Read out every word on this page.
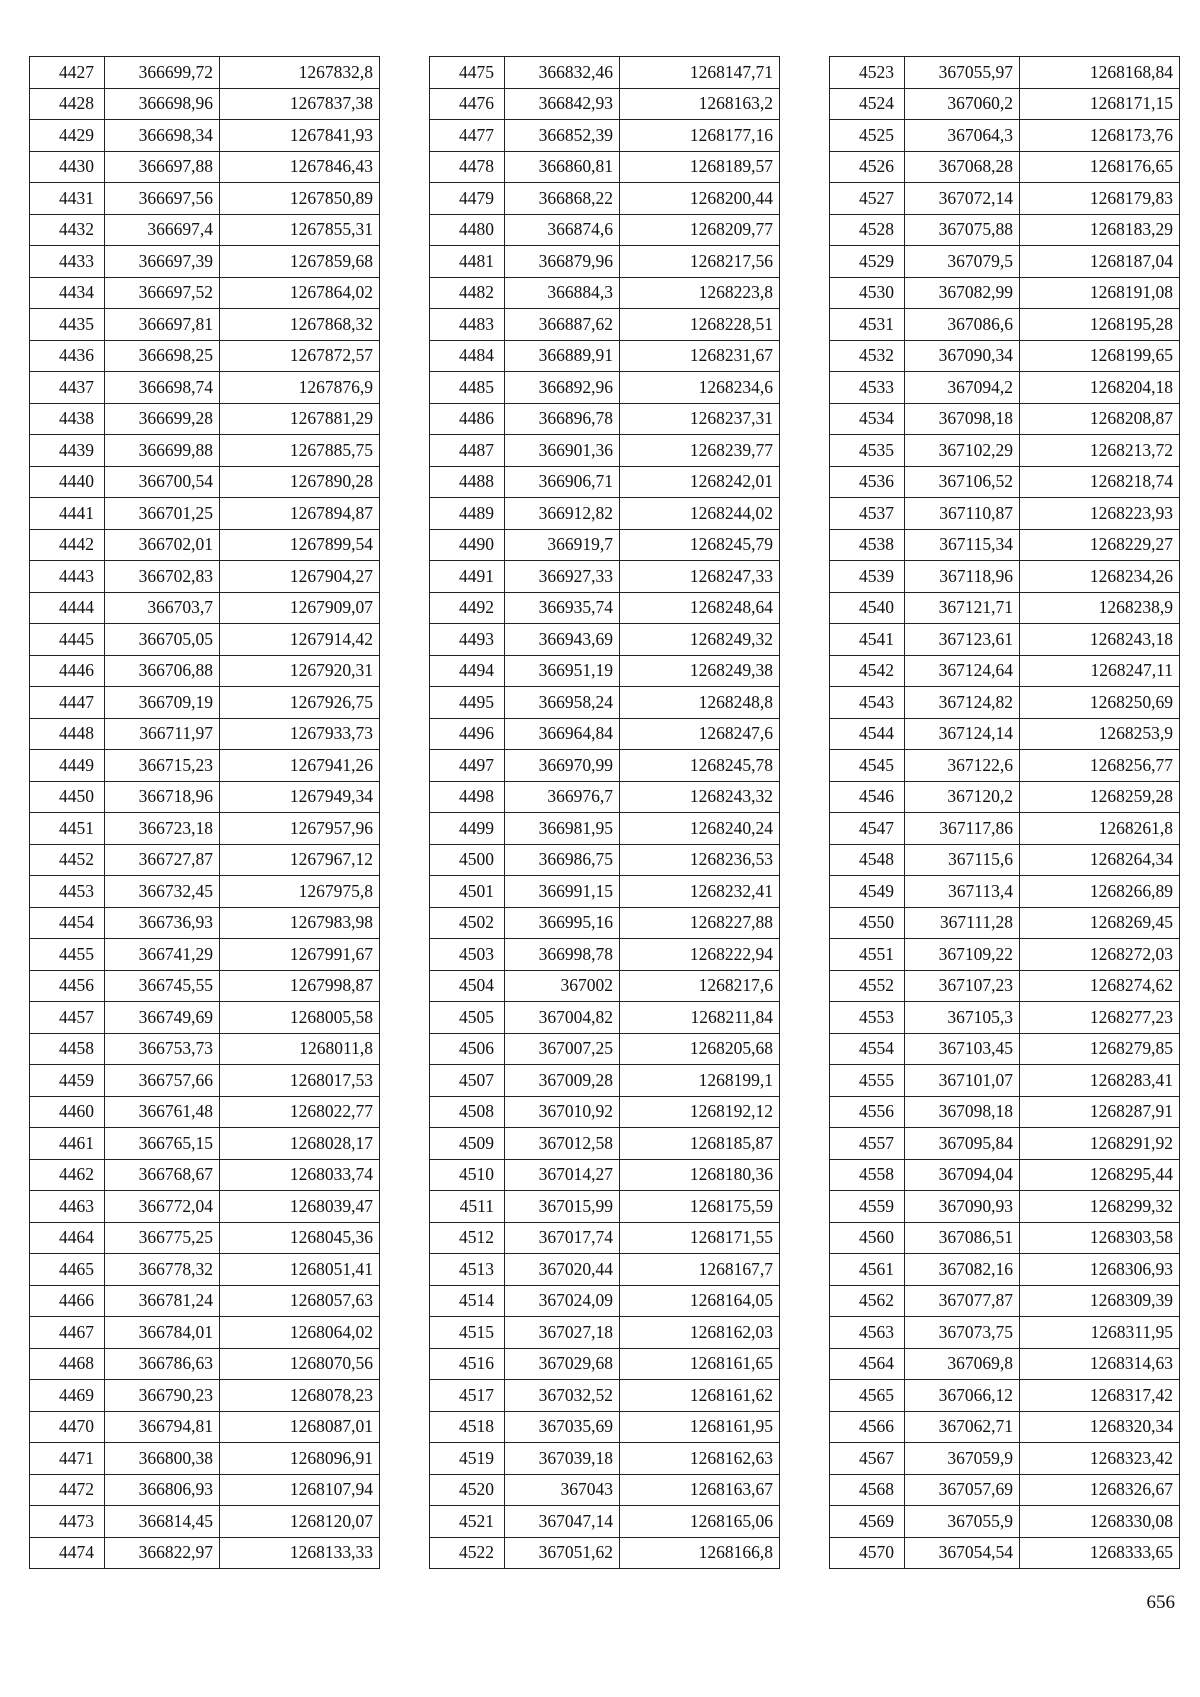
4427	366699,72	1267832,8
4428	366698,96	1267837,38
4429	366698,34	1267841,93
4430	366697,88	1267846,43
4431	366697,56	1267850,89
4432	366697,4	1267855,31
4433	366697,39	1267859,68
4434	366697,52	1267864,02
4435	366697,81	1267868,32
4436	366698,25	1267872,57
4437	366698,74	1267876,9
4438	366699,28	1267881,29
4439	366699,88	1267885,75
4440	366700,54	1267890,28
4441	366701,25	1267894,87
4442	366702,01	1267899,54
4443	366702,83	1267904,27
4444	366703,7	1267909,07
4445	366705,05	1267914,42
4446	366706,88	1267920,31
4447	366709,19	1267926,75
4448	366711,97	1267933,73
4449	366715,23	1267941,26
4450	366718,96	1267949,34
4451	366723,18	1267957,96
4452	366727,87	1267967,12
4453	366732,45	1267975,8
4454	366736,93	1267983,98
4455	366741,29	1267991,67
4456	366745,55	1267998,87
4457	366749,69	1268005,58
4458	366753,73	1268011,8
4459	366757,66	1268017,53
4460	366761,48	1268022,77
4461	366765,15	1268028,17
4462	366768,67	1268033,74
4463	366772,04	1268039,47
4464	366775,25	1268045,36
4465	366778,32	1268051,41
4466	366781,24	1268057,63
4467	366784,01	1268064,02
4468	366786,63	1268070,56
4469	366790,23	1268078,23
4470	366794,81	1268087,01
4471	366800,38	1268096,91
4472	366806,93	1268107,94
4473	366814,45	1268120,07
4474	366822,97	1268133,33
4475	366832,46	1268147,71
4476	366842,93	1268163,2
4477	366852,39	1268177,16
4478	366860,81	1268189,57
4479	366868,22	1268200,44
4480	366874,6	1268209,77
4481	366879,96	1268217,56
4482	366884,3	1268223,8
4483	366887,62	1268228,51
4484	366889,91	1268231,67
4485	366892,96	1268234,6
4486	366896,78	1268237,31
4487	366901,36	1268239,77
4488	366906,71	1268242,01
4489	366912,82	1268244,02
4490	366919,7	1268245,79
4491	366927,33	1268247,33
4492	366935,74	1268248,64
4493	366943,69	1268249,32
4494	366951,19	1268249,38
4495	366958,24	1268248,8
4496	366964,84	1268247,6
4497	366970,99	1268245,78
4498	366976,7	1268243,32
4499	366981,95	1268240,24
4500	366986,75	1268236,53
4501	366991,15	1268232,41
4502	366995,16	1268227,88
4503	366998,78	1268222,94
4504	367002	1268217,6
4505	367004,82	1268211,84
4506	367007,25	1268205,68
4507	367009,28	1268199,1
4508	367010,92	1268192,12
4509	367012,58	1268185,87
4510	367014,27	1268180,36
4511	367015,99	1268175,59
4512	367017,74	1268171,55
4513	367020,44	1268167,7
4514	367024,09	1268164,05
4515	367027,18	1268162,03
4516	367029,68	1268161,65
4517	367032,52	1268161,62
4518	367035,69	1268161,95
4519	367039,18	1268162,63
4520	367043	1268163,67
4521	367047,14	1268165,06
4522	367051,62	1268166,8
4523	367055,97	1268168,84
4524	367060,2	1268171,15
4525	367064,3	1268173,76
4526	367068,28	1268176,65
4527	367072,14	1268179,83
4528	367075,88	1268183,29
4529	367079,5	1268187,04
4530	367082,99	1268191,08
4531	367086,6	1268195,28
4532	367090,34	1268199,65
4533	367094,2	1268204,18
4534	367098,18	1268208,87
4535	367102,29	1268213,72
4536	367106,52	1268218,74
4537	367110,87	1268223,93
4538	367115,34	1268229,27
4539	367118,96	1268234,26
4540	367121,71	1268238,9
4541	367123,61	1268243,18
4542	367124,64	1268247,11
4543	367124,82	1268250,69
4544	367124,14	1268253,9
4545	367122,6	1268256,77
4546	367120,2	1268259,28
4547	367117,86	1268261,8
4548	367115,6	1268264,34
4549	367113,4	1268266,89
4550	367111,28	1268269,45
4551	367109,22	1268272,03
4552	367107,23	1268274,62
4553	367105,3	1268277,23
4554	367103,45	1268279,85
4555	367101,07	1268283,41
4556	367098,18	1268287,91
4557	367095,84	1268291,92
4558	367094,04	1268295,44
4559	367090,93	1268299,32
4560	367086,51	1268303,58
4561	367082,16	1268306,93
4562	367077,87	1268309,39
4563	367073,75	1268311,95
4564	367069,8	1268314,63
4565	367066,12	1268317,42
4566	367062,71	1268320,34
4567	367059,9	1268323,42
4568	367057,69	1268326,67
4569	367055,9	1268330,08
4570	367054,54	1268333,65
656
